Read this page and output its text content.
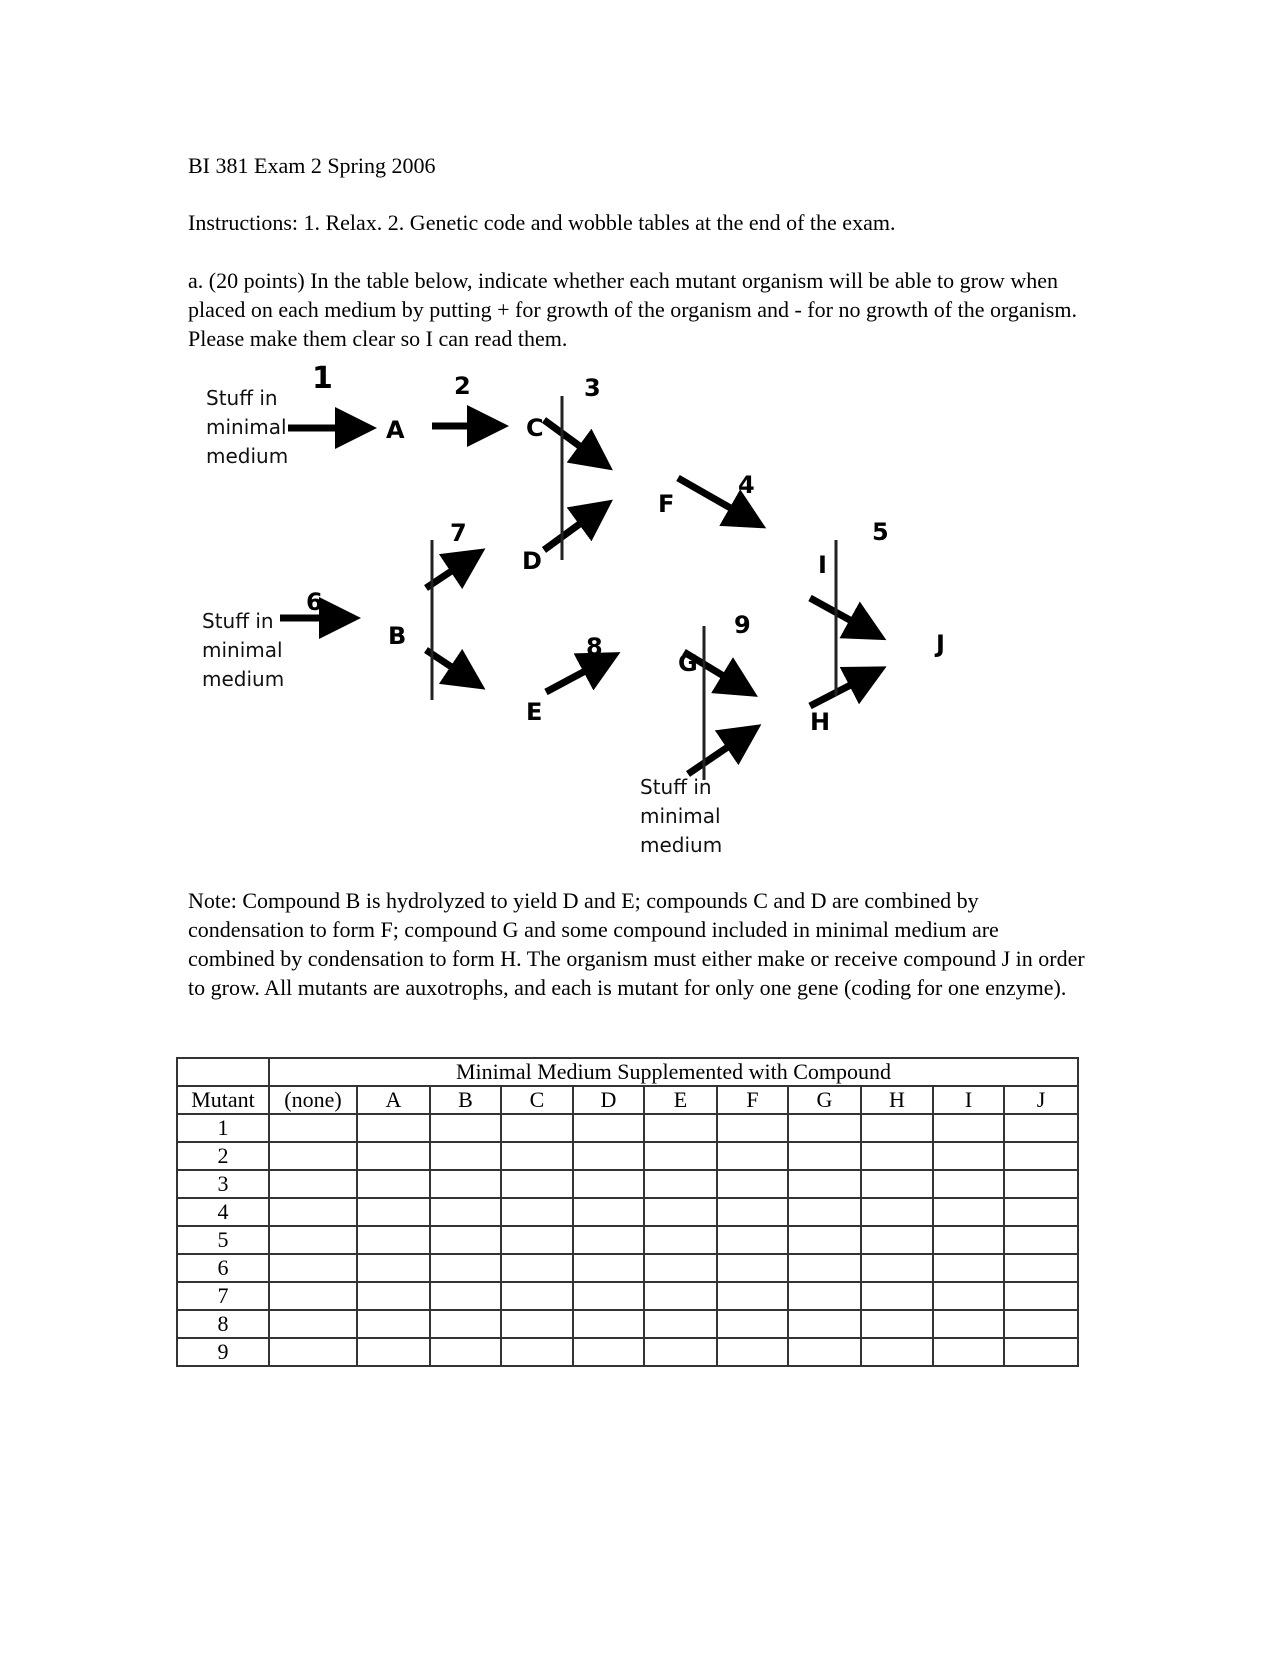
BI 381 Exam 2 Spring 2006
Instructions: 1. Relax. 2. Genetic code and wobble tables at the end of the exam.
a. (20 points) In the table below, indicate whether each mutant organism will be able to grow when placed on each medium by putting + for growth of the organism and - for no growth of the organism. Please make them clear so I can read them.
Stuff in
minimal
medium
Stuff in
minimal
medium
Stuff in
minimal
medium
A
B
C
D
E
F
G
H
I
J
1	2	3
4
5
6
7
8
9
Note: Compound B is hydrolyzed to yield D and E; compounds C and D are combined by condensation to form F; compound G and some compound included in minimal medium are combined by condensation to form H. The organism must either make or receive compound J in order to grow. All mutants are auxotrophs, and each is mutant for only one gene (coding for one enzyme).
	Minimal Medium Supplemented with Compound										
Mutant	(none)	A	B	C	D	E	F	G	H	I	J
1											
2											
3											
4											
5											
6											
7											
8											
9											
